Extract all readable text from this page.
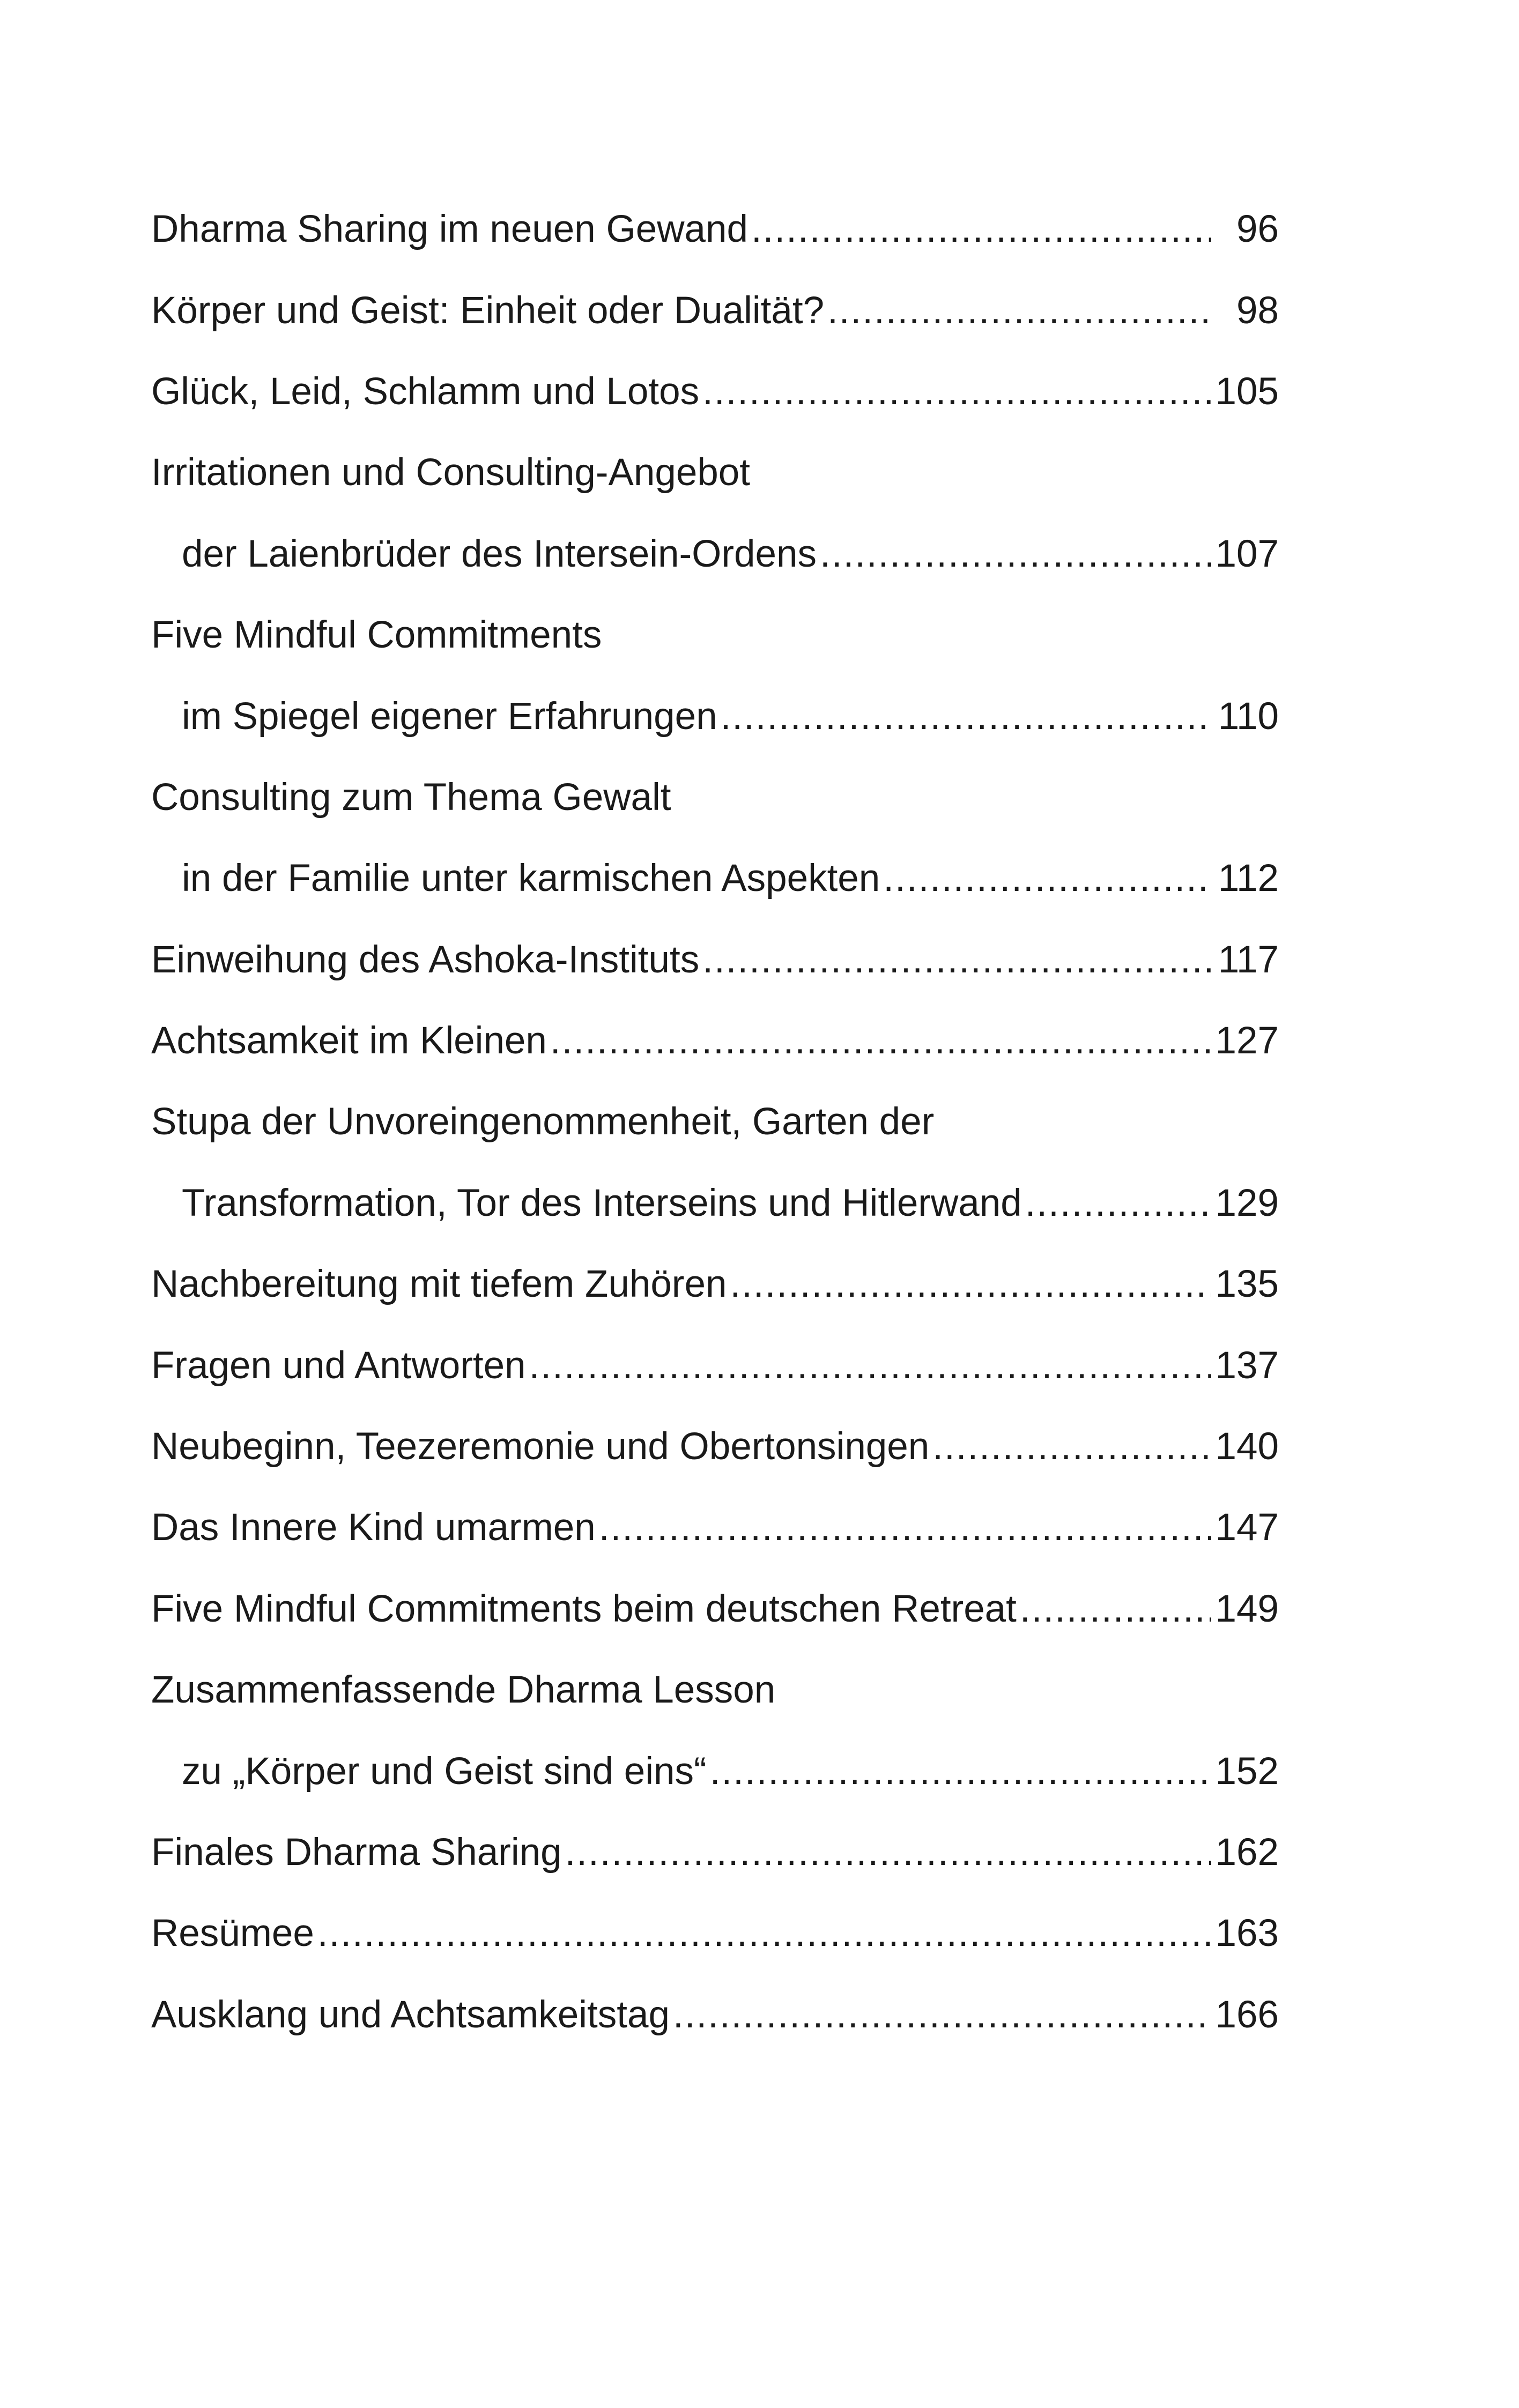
Dharma Sharing im neuen Gewand .....	96
Körper und Geist: Einheit oder Dualität? .....	98
Glück, Leid, Schlamm und Lotos .....	105
Irritationen und Consulting-Angebot
der Laienbrüder des Intersein-Ordens .....	107
Five Mindful Commitments
im Spiegel eigener Erfahrungen .....	110
Consulting zum Thema Gewalt
in der Familie unter karmischen Aspekten .....	112
Einweihung des Ashoka-Instituts .....	117
Achtsamkeit im Kleinen .....	127
Stupa der Unvoreingenommenheit, Garten der
Transformation, Tor des Interseins und Hitlerwand .....	129
Nachbereitung mit tiefem Zuhören .....	135
Fragen und Antworten .....	137
Neubeginn, Teezeremonie und Obertonsingen .....	140
Das Innere Kind umarmen .....	147
Five Mindful Commitments beim deutschen Retreat .....	149
Zusammenfassende Dharma Lesson
zu „Körper und Geist sind eins“ .....	152
Finales Dharma Sharing .....	162
Resümee .....	163
Ausklang und Achtsamkeitstag .....	166
